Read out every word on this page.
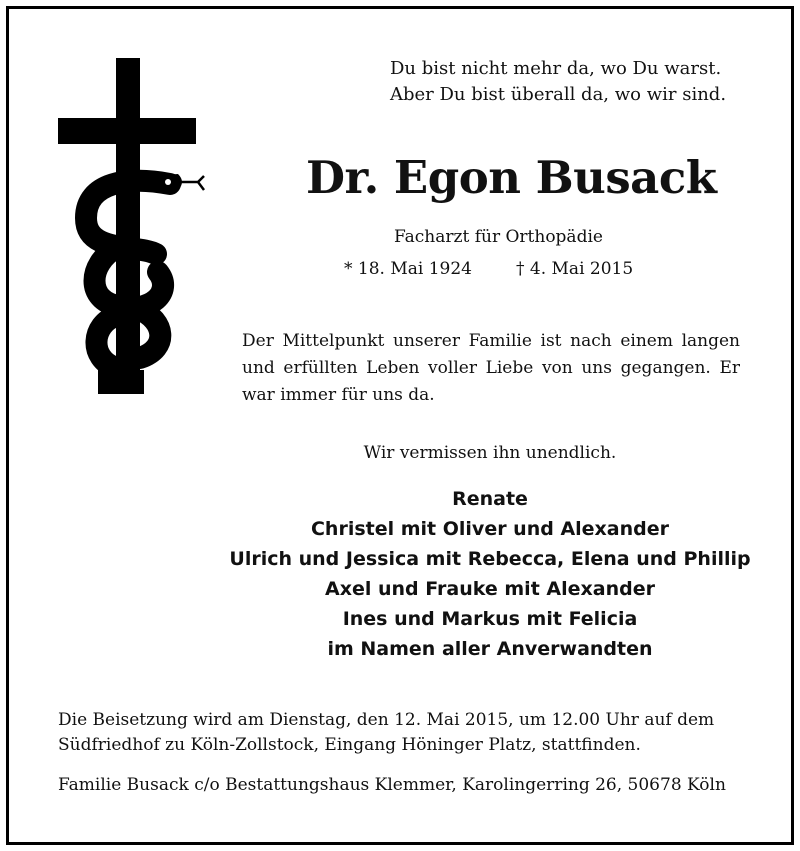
Du bist nicht mehr da, wo Du warst.
Aber Du bist überall da, wo wir sind.
Dr. Egon Busack
Facharzt für Orthopädie
* 18. Mai 1924	† 4. Mai 2015
Der Mittelpunkt unserer Familie ist nach einem langen und erfüllten Leben voller Liebe von uns gegangen. Er war immer für uns da.
Wir vermissen ihn unendlich.
Renate
Christel mit Oliver und Alexander
Ulrich und Jessica mit Rebecca, Elena und Phillip
Axel und Frauke mit Alexander
Ines und Markus mit Felicia
im Namen aller Anverwandten
Die Beisetzung wird am Dienstag, den 12. Mai 2015, um 12.00 Uhr auf dem
Südfriedhof zu Köln-Zollstock, Eingang Höninger Platz, stattfinden.
Familie Busack c/o Bestattungshaus Klemmer, Karolingerring 26, 50678 Köln
